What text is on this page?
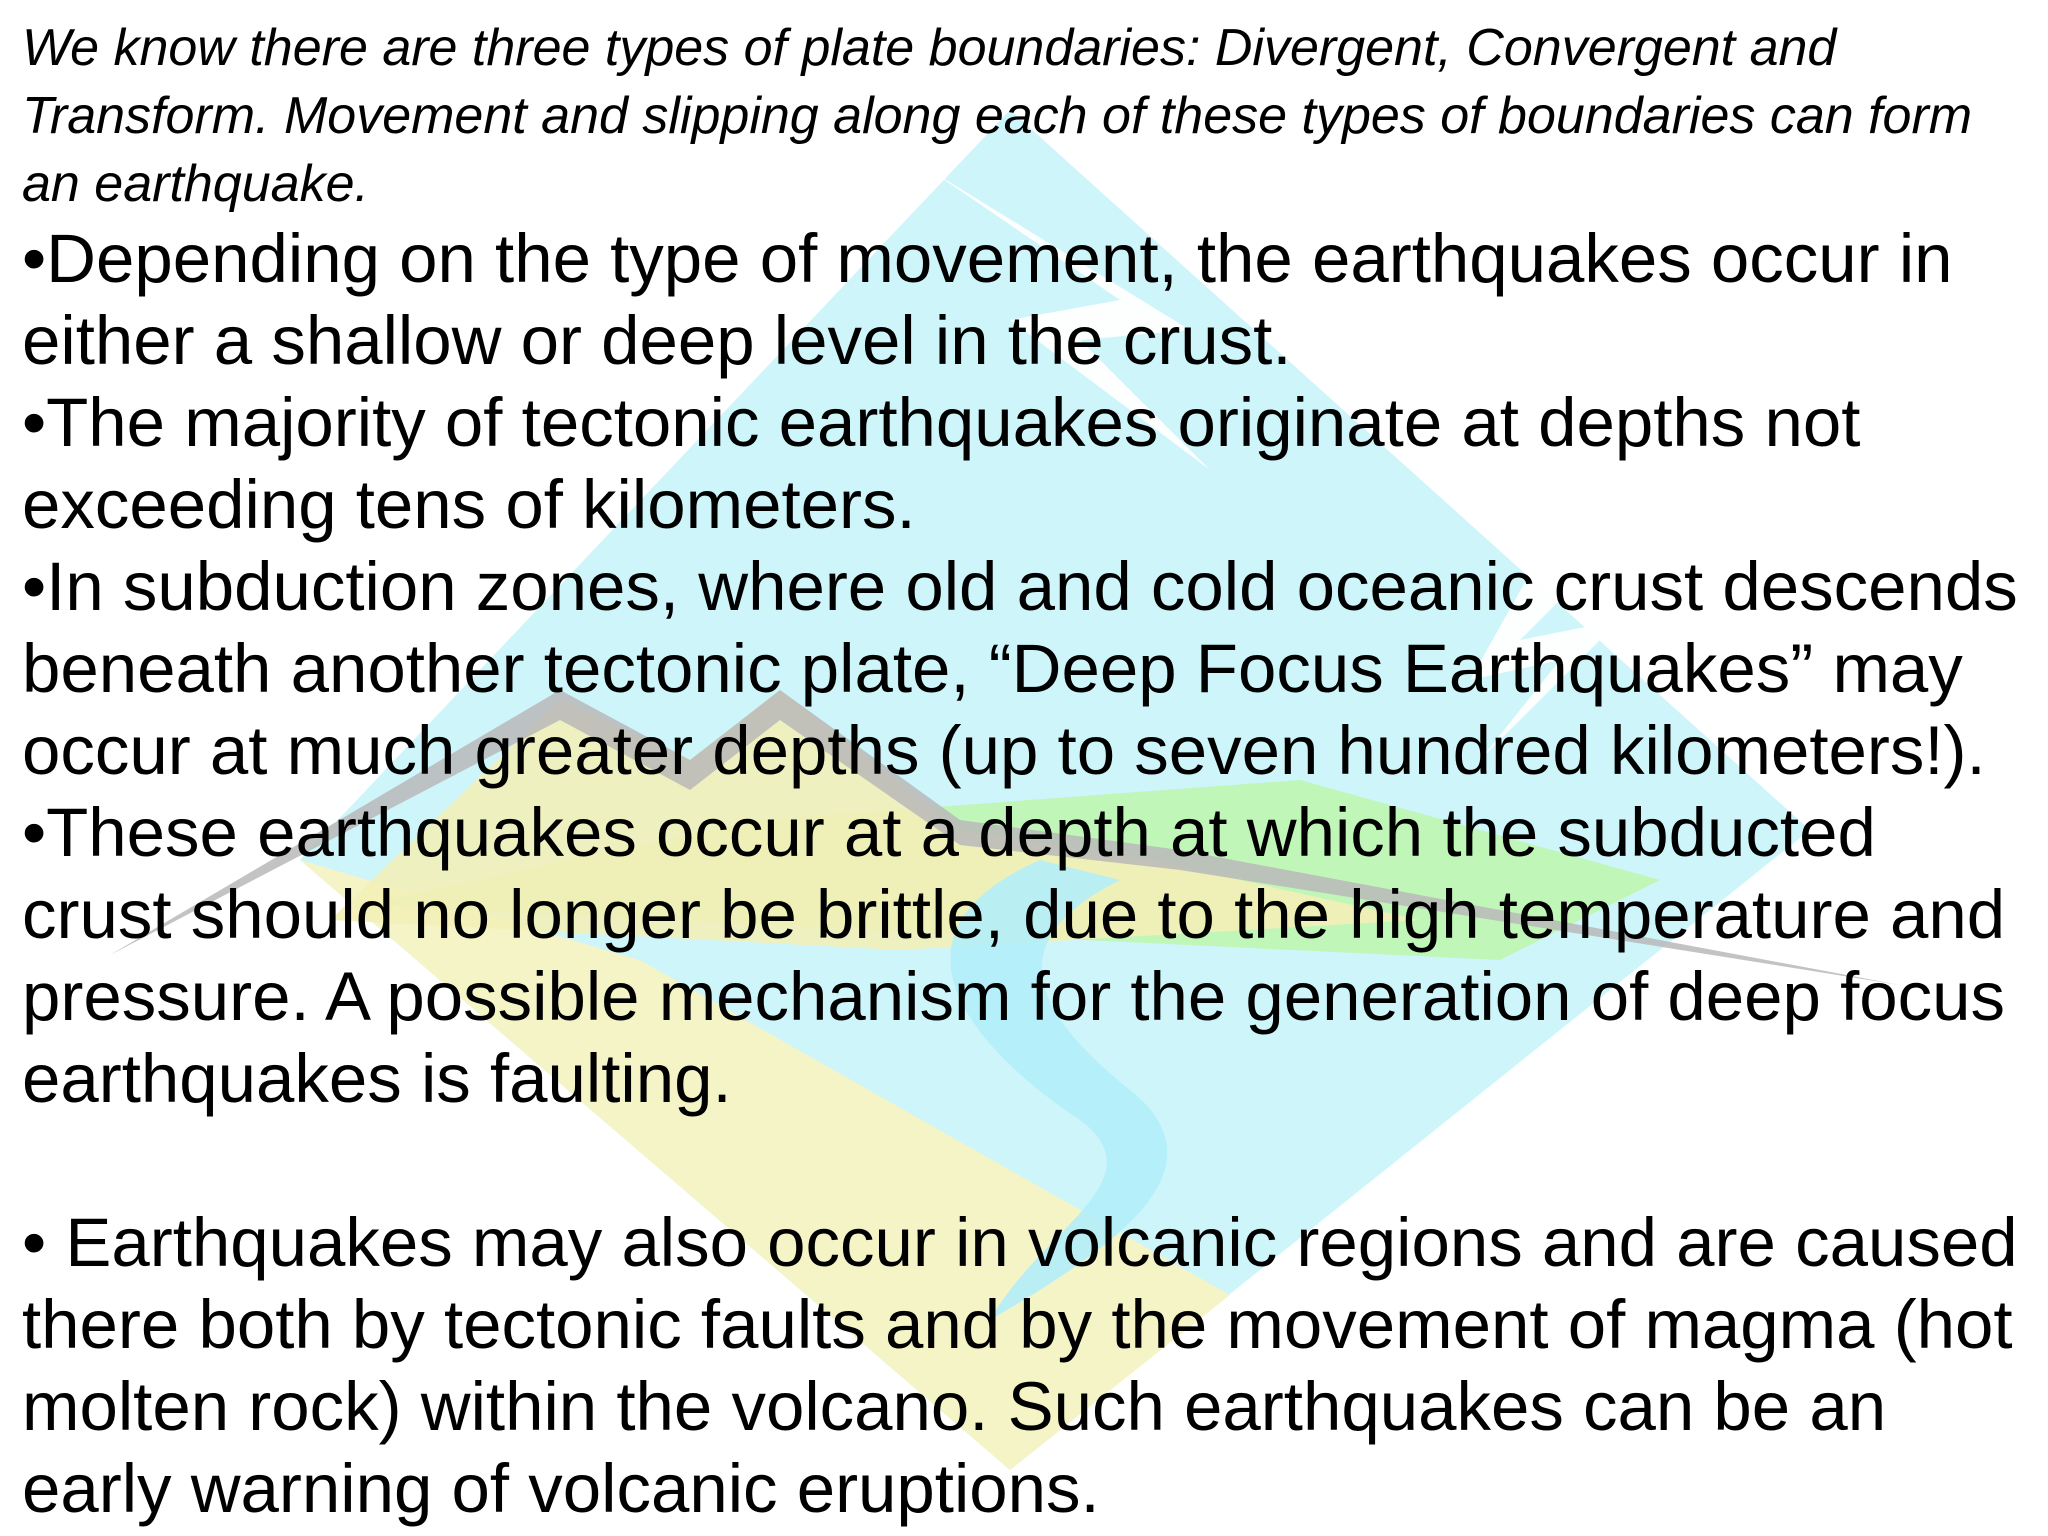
We know there are three types of plate boundaries: Divergent, Convergent and Transform. Movement and slipping along each of these types of boundaries can form an earthquake.

•Depending on the type of movement, the earthquakes occur in either a shallow or deep level in the crust.

•The majority of tectonic earthquakes originate at depths not exceeding tens of kilometers.

•In subduction zones, where old and cold oceanic crust descends beneath another tectonic plate, “Deep Focus Earthquakes” may occur at much greater depths (up to seven hundred kilometers!).

•These earthquakes occur at a depth at which the subducted crust should no longer be brittle, due to the high temperature and pressure. A possible mechanism for the generation of deep focus earthquakes is faulting.

• Earthquakes may also occur in volcanic regions and are caused there both by tectonic faults and by the movement of magma (hot molten rock) within the volcano. Such earthquakes can be an early warning of volcanic eruptions.
